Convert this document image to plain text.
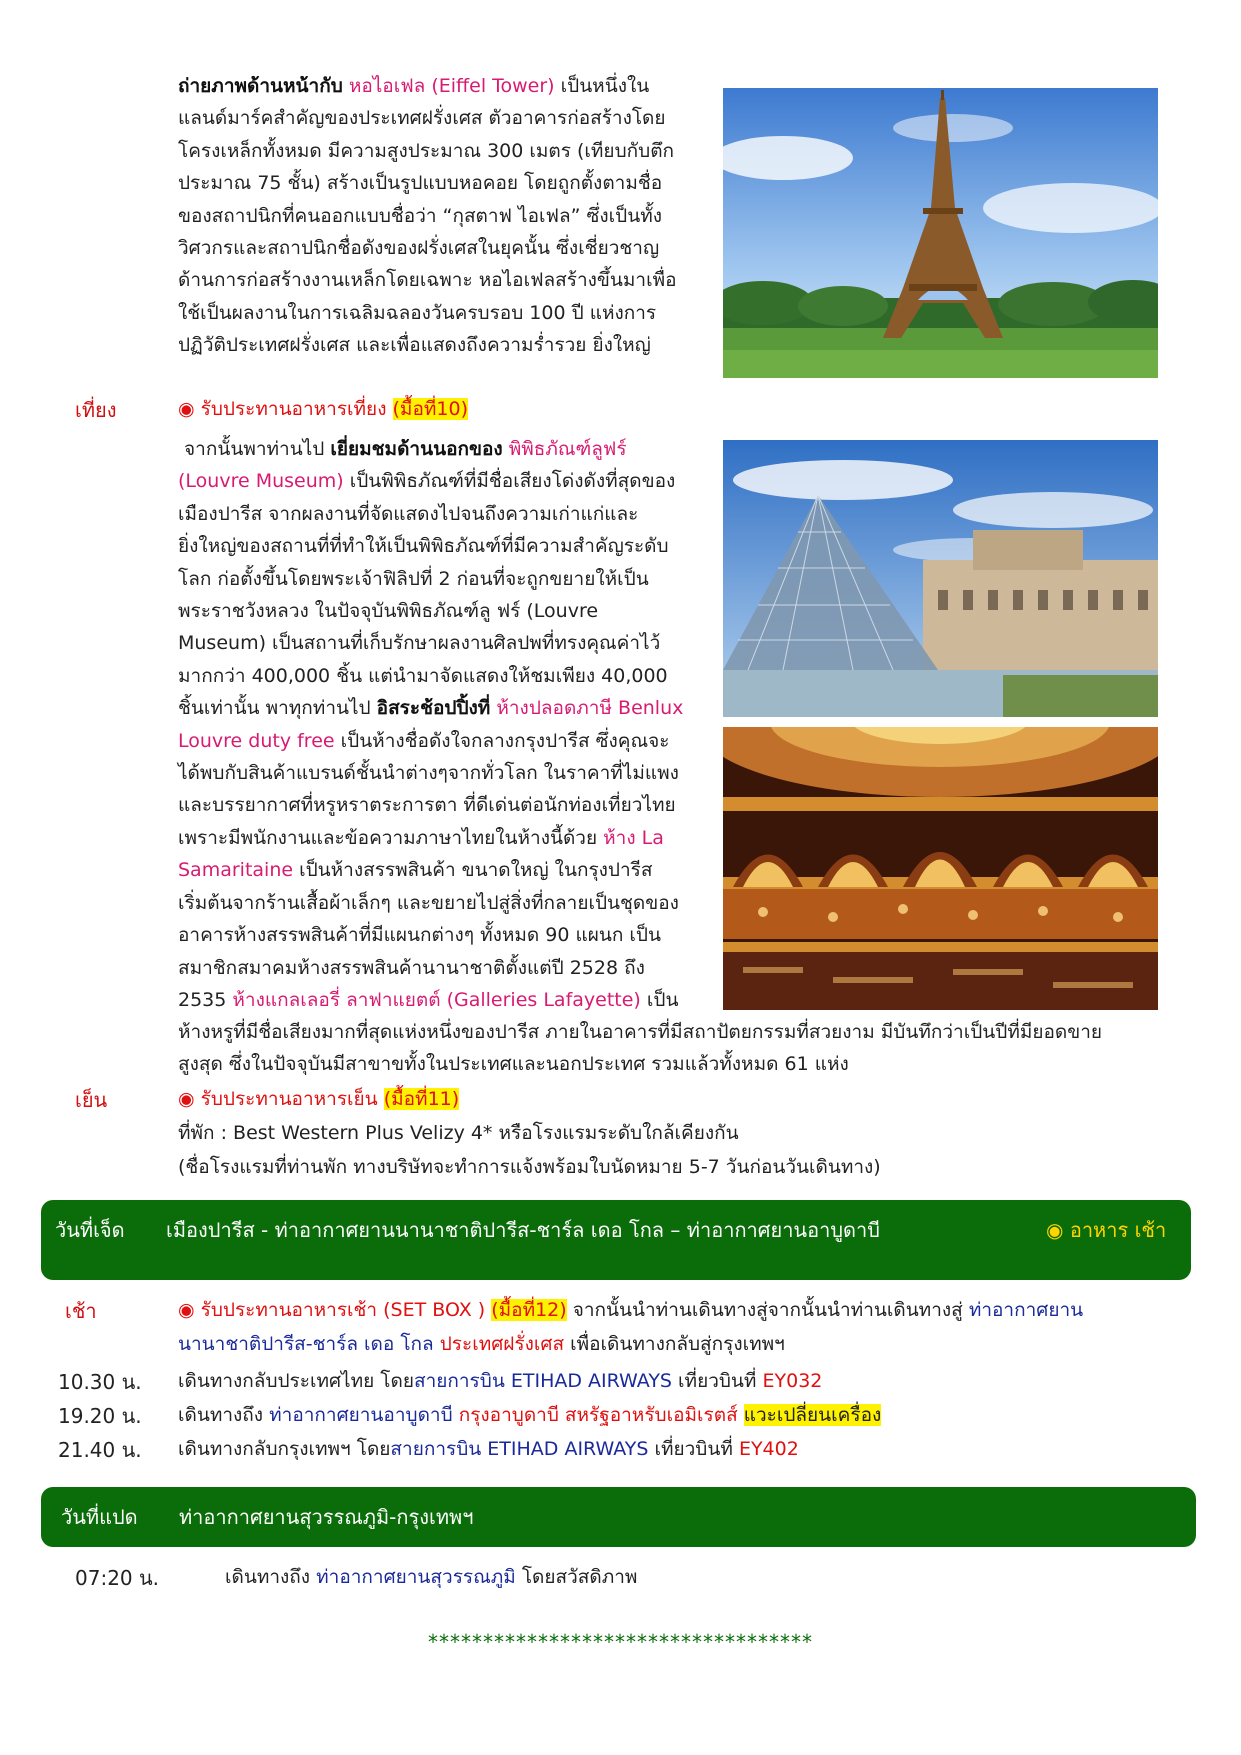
ถ่ายภาพด้านหน้ากับ หอไอเฟล (Eiffel Tower) เป็นหนึ่งใน
แลนด์มาร์คสำคัญของประเทศฝรั่งเศส ตัวอาคารก่อสร้างโดย
โครงเหล็กทั้งหมด มีความสูงประมาณ 300 เมตร (เทียบกับตึก
ประมาณ 75 ชั้น) สร้างเป็นรูปแบบหอคอย โดยถูกตั้งตามชื่อ
ของสถาปนิกที่คนออกแบบชื่อว่า “กุสตาฟ ไอเฟล” ซึ่งเป็นทั้ง
วิศวกรและสถาปนิกชื่อดังของฝรั่งเศสในยุคนั้น ซึ่งเชี่ยวชาญ
ด้านการก่อสร้างงานเหล็กโดยเฉพาะ หอไอเฟลสร้างขึ้นมาเพื่อ
ใช้เป็นผลงานในการเฉลิมฉลองวันครบรอบ 100 ปี แห่งการ
ปฏิวัติประเทศฝรั่งเศส และเพื่อแสดงถึงความร่ำรวย ยิ่งใหญ่
เที่ยง	◉ รับประทานอาหารเที่ยง (มื้อที่10)
จากนั้นพาท่านไป เยี่ยมชมด้านนอกของ พิพิธภัณฑ์ลูฟร์
(Louvre Museum) เป็นพิพิธภัณฑ์ที่มีชื่อเสียงโด่งดังที่สุดของ
เมืองปารีส จากผลงานที่จัดแสดงไปจนถึงความเก่าแก่และ
ยิ่งใหญ่ของสถานที่ที่ทำให้เป็นพิพิธภัณฑ์ที่มีความสำคัญระดับ
โลก ก่อตั้งขึ้นโดยพระเจ้าฟิลิปที่ 2 ก่อนที่จะถูกขยายให้เป็น
พระราชวังหลวง ในปัจจุบันพิพิธภัณฑ์ลู ฟร์ (Louvre
Museum) เป็นสถานที่เก็บรักษาผลงานศิลปพที่ทรงคุณค่าไว้
มากกว่า 400,000 ชิ้น แต่นำมาจัดแสดงให้ชมเพียง 40,000
ชิ้นเท่านั้น พาทุกท่านไป อิสระช้อปปิ้งที่ ห้างปลอดภาษี Benlux
Louvre duty free เป็นห้างชื่อดังใจกลางกรุงปารีส ซึ่งคุณจะ
ได้พบกับสินค้าแบรนด์ชั้นนำต่างๆจากทั่วโลก ในราคาที่ไม่แพง
และบรรยากาศที่หรูหราตระการตา ที่ดีเด่นต่อนักท่องเที่ยวไทย
เพราะมีพนักงานและข้อความภาษาไทยในห้างนี้ด้วย ห้าง La
Samaritaine เป็นห้างสรรพสินค้า ขนาดใหญ่ ในกรุงปารีส
เริ่มต้นจากร้านเสื้อผ้าเล็กๆ และขยายไปสู่สิ่งที่กลายเป็นชุดของ
อาคารห้างสรรพสินค้าที่มีแผนกต่างๆ ทั้งหมด 90 แผนก เป็น
สมาชิกสมาคมห้างสรรพสินค้านานาชาติตั้งแต่ปี 2528 ถึง
2535 ห้างแกลเลอรี่ ลาฟาแยตต์ (Galleries Lafayette) เป็น
ห้างหรูที่มีชื่อเสียงมากที่สุดแห่งหนึ่งของปารีส ภายในอาคารที่มีสถาปัตยกรรมที่สวยงาม มีบันทึกว่าเป็นปีที่มียอดขาย
สูงสุด ซึ่งในปัจจุบันมีสาขาขทั้งในประเทศและนอกประเทศ รวมแล้วทั้งหมด 61 แห่ง
เย็น	◉ รับประทานอาหารเย็น (มื้อที่11)
ที่พัก : Best Western Plus Velizy 4* หรือโรงแรมระดับใกล้เคียงกัน
(ชื่อโรงแรมที่ท่านพัก ทางบริษัทจะทำการแจ้งพร้อมใบนัดหมาย 5-7 วันก่อนวันเดินทาง)
วันที่เจ็ด เมืองปารีส - ท่าอากาศยานนานาชาติปารีส-ชาร์ล เดอ โกล – ท่าอากาศยานอาบูดาบี	◉ อาหาร เช้า
เช้า	◉ รับประทานอาหารเช้า (SET BOX ) (มื้อที่12) จากนั้นนำท่านเดินทางสู่จากนั้นนำท่านเดินทางสู่ ท่าอากาศยาน
นานาชาติปารีส-ชาร์ล เดอ โกล ประเทศฝรั่งเศส เพื่อเดินทางกลับสู่กรุงเทพฯ
10.30 น. เดินทางกลับประเทศไทย โดยสายการบิน ETIHAD AIRWAYS เที่ยวบินที่ EY032
19.20 น. เดินทางถึง ท่าอากาศยานอาบูดาบี กรุงอาบูดาบี สหรัฐอาหรับเอมิเรตส์ แวะเปลี่ยนเครื่อง
21.40 น. เดินทางกลับกรุงเทพฯ โดยสายการบิน ETIHAD AIRWAYS เที่ยวบินที่ EY402
วันที่แปด ท่าอากาศยานสุวรรณภูมิ-กรุงเทพฯ
07:20 น.	เดินทางถึง ท่าอากาศยานสุวรรณภูมิ โดยสวัสดิภาพ
***********************************
